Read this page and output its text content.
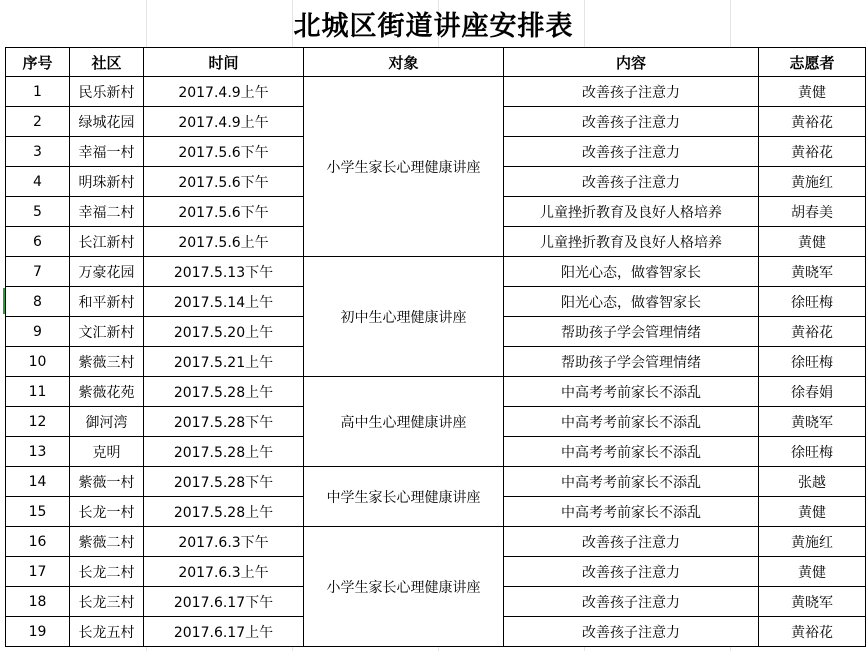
北城区街道讲座安排表
序号	社区	时间	对象	内容	志愿者
1	民乐新村	2017.4.9上午	小学生家长心理健康讲座	改善孩子注意力	黄健
2	绿城花园	2017.4.9上午		改善孩子注意力	黄裕花
3	幸福一村	2017.5.6下午		改善孩子注意力	黄裕花
4	明珠新村	2017.5.6下午		改善孩子注意力	黄施红
5	幸福二村	2017.5.6下午		儿童挫折教育及良好人格培养	胡春美
6	长江新村	2017.5.6上午		儿童挫折教育及良好人格培养	黄健
7	万豪花园	2017.5.13下午	初中生心理健康讲座	阳光心态，做睿智家长	黄晓军
8	和平新村	2017.5.14上午		阳光心态，做睿智家长	徐旺梅
9	文汇新村	2017.5.20上午		帮助孩子学会管理情绪	黄裕花
10	紫薇三村	2017.5.21上午		帮助孩子学会管理情绪	徐旺梅
11	紫薇花苑	2017.5.28上午	高中生心理健康讲座	中高考考前家长不添乱	徐春娟
12	御河湾	2017.5.28下午		中高考考前家长不添乱	黄晓军
13	克明	2017.5.28上午		中高考考前家长不添乱	徐旺梅
14	紫薇一村	2017.5.28下午	中学生家长心理健康讲座	中高考考前家长不添乱	张越
15	长龙一村	2017.5.28上午		中高考考前家长不添乱	黄健
16	紫薇二村	2017.6.3下午	小学生家长心理健康讲座	改善孩子注意力	黄施红
17	长龙二村	2017.6.3上午		改善孩子注意力	黄健
18	长龙三村	2017.6.17下午		改善孩子注意力	黄晓军
19	长龙五村	2017.6.17上午		改善孩子注意力	黄裕花
